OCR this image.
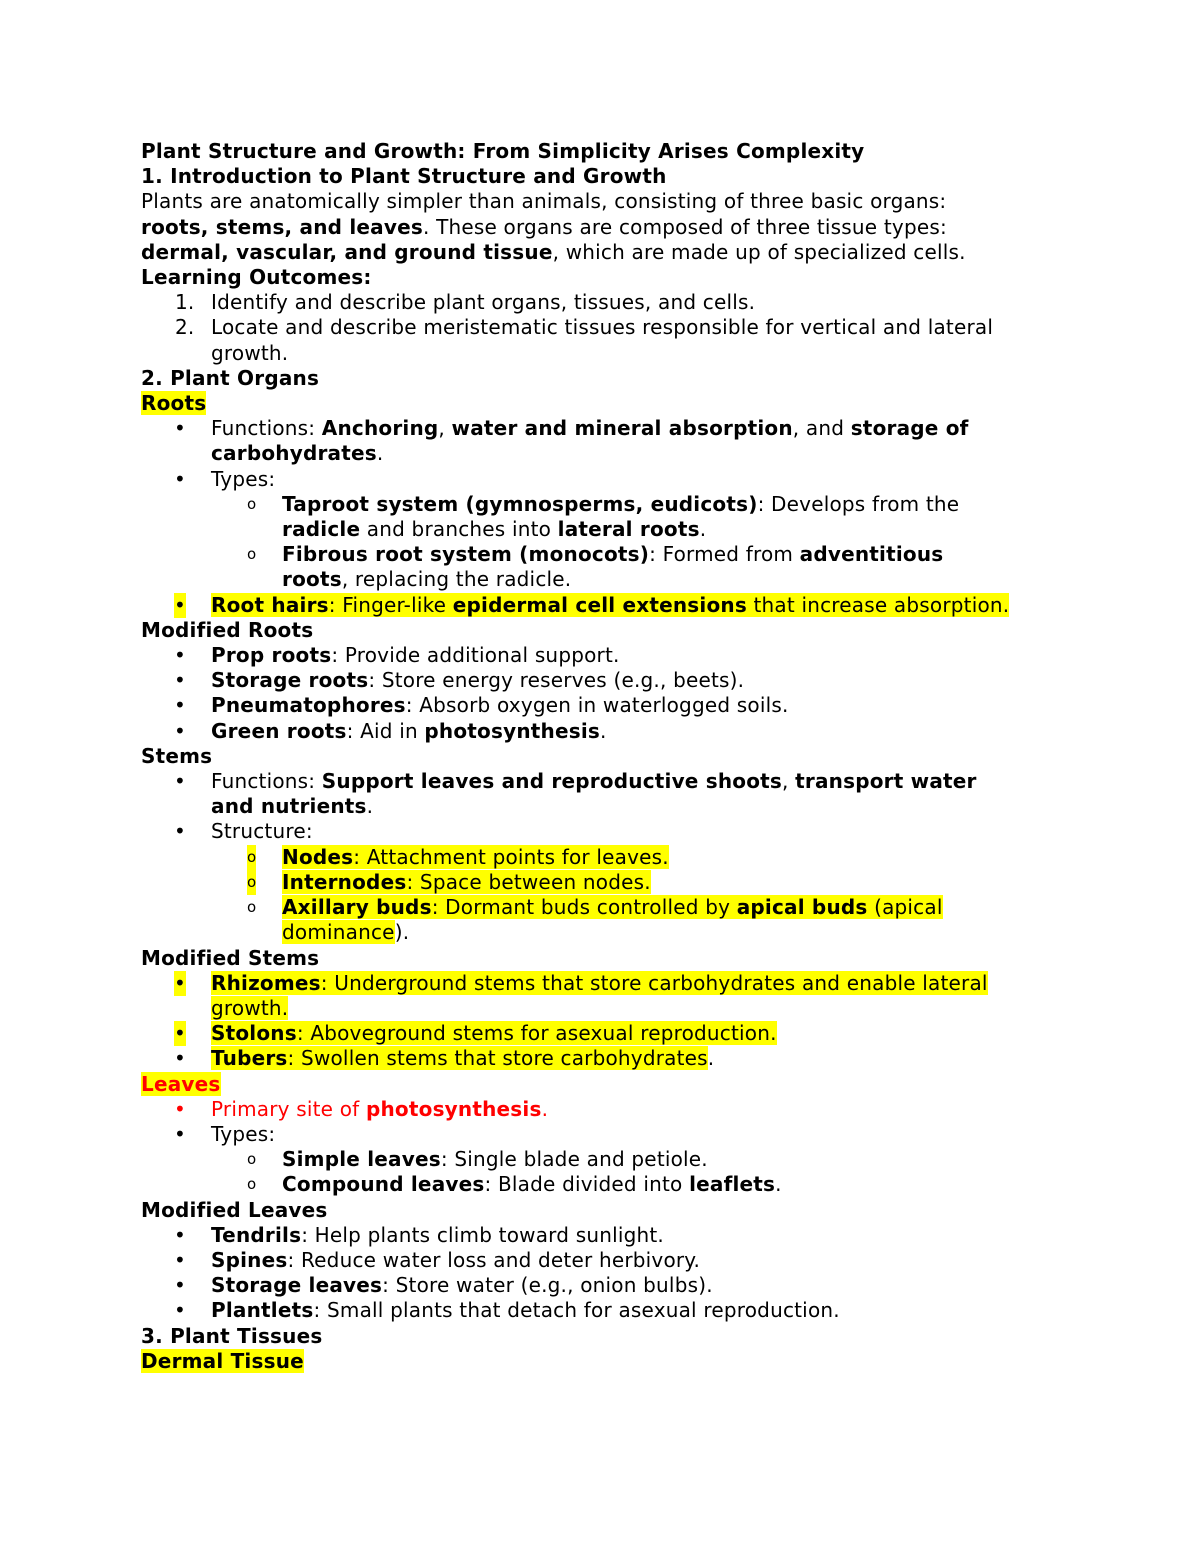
Plant Structure and Growth: From Simplicity Arises Complexity

1. Introduction to Plant Structure and Growth

Plants are anatomically simpler than animals, consisting of three basic organs:

roots, stems, and leaves. These organs are composed of three tissue types:

dermal, vascular, and ground tissue, which are made up of specialized cells.

Learning Outcomes:

1. Identify and describe plant organs, tissues, and cells.

2. Locate and describe meristematic tissues responsible for vertical and lateral

growth.

2. Plant Organs

Roots

• Functions: Anchoring, water and mineral absorption, and storage of

carbohydrates.

• Types:

o Taproot system (gymnosperms, eudicots): Develops from the

radicle and branches into lateral roots.

o Fibrous root system (monocots): Formed from adventitious

roots, replacing the radicle.

• Root hairs: Finger-like epidermal cell extensions that increase absorption.

Modified Roots

• Prop roots: Provide additional support.

• Storage roots: Store energy reserves (e.g., beets).

• Pneumatophores: Absorb oxygen in waterlogged soils.

• Green roots: Aid in photosynthesis.

Stems

• Functions: Support leaves and reproductive shoots, transport water

and nutrients.

• Structure:

o Nodes: Attachment points for leaves.

o Internodes: Space between nodes.

o Axillary buds: Dormant buds controlled by apical buds (apical

dominance).

Modified Stems

• Rhizomes: Underground stems that store carbohydrates and enable lateral

growth.

• Stolons: Aboveground stems for asexual reproduction.

• Tubers: Swollen stems that store carbohydrates.

Leaves

• Primary site of photosynthesis.

• Types:

o Simple leaves: Single blade and petiole.

o Compound leaves: Blade divided into leaflets.

Modified Leaves

• Tendrils: Help plants climb toward sunlight.

• Spines: Reduce water loss and deter herbivory.

• Storage leaves: Store water (e.g., onion bulbs).

• Plantlets: Small plants that detach for asexual reproduction.

3. Plant Tissues

Dermal Tissue
